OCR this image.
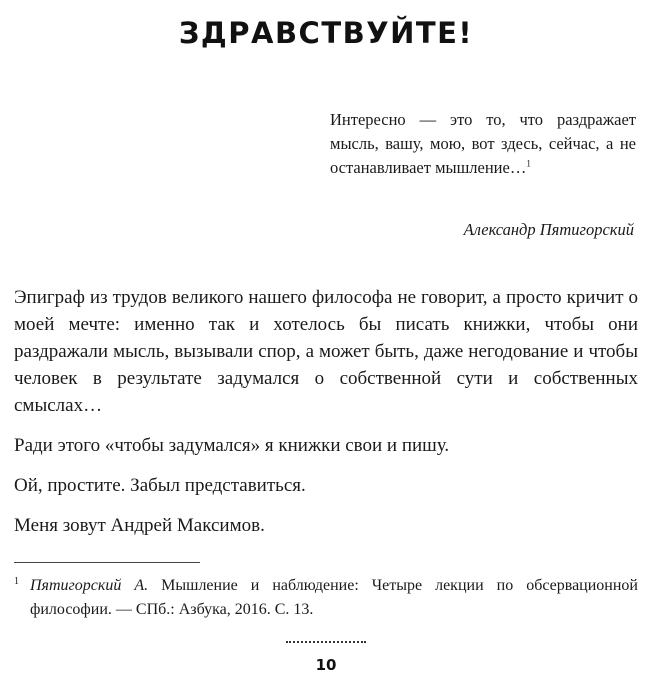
ЗДРАВСТВУЙТЕ!
Интересно — это то, что раздражает мысль, вашу, мою, вот здесь, сейчас, а не останавливает мышление…$^1$
Александр Пятигорский

Эпиграф из трудов великого нашего философа не говорит, а просто кричит о моей мечте: именно так и хотелось бы писать книжки, чтобы они раздражали мысль, вызывали спор, а может быть, даже негодование и чтобы человек в результате задумался о собственной сути и собственных смыслах…

Ради этого «чтобы задумался» я книжки свои и пишу.

Ой, простите. Забыл представиться.

Меня зовут Андрей Максимов.

1 Пятигорский А. Мышление и наблюдение: Четыре лекции по обсервационной философии. — СПб.: Азбука, 2016. С. 13.
10
